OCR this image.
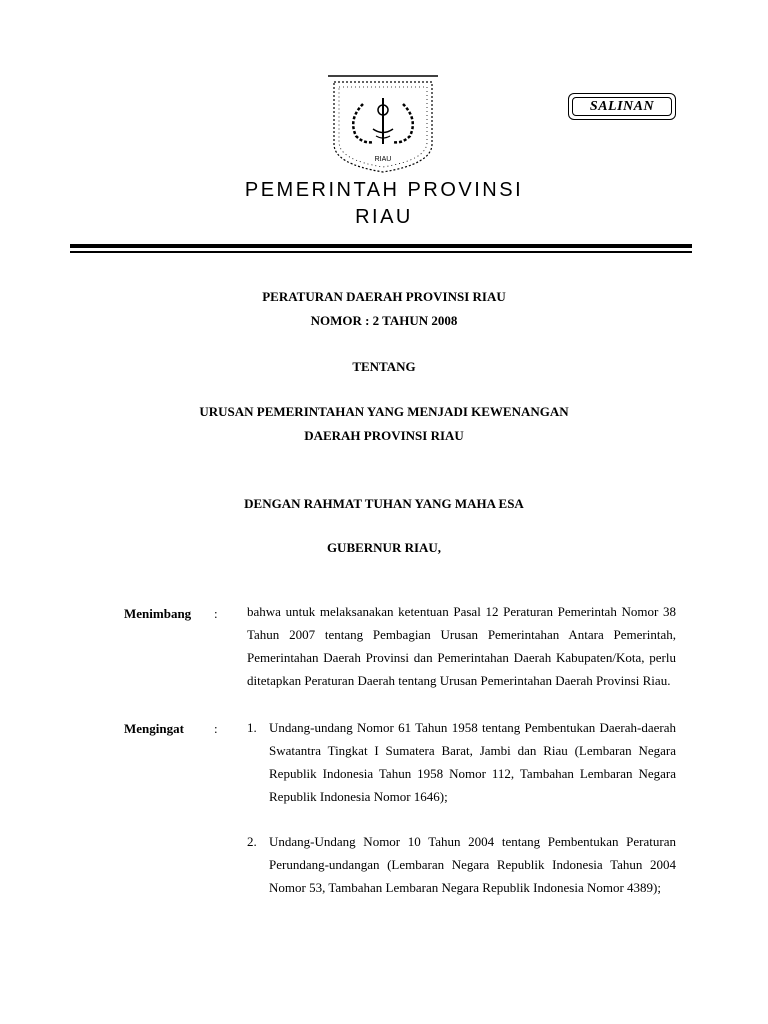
RIAU
SALINAN
PEMERINTAH PROVINSI
RIAU
PERATURAN DAERAH PROVINSI RIAU
NOMOR : 2 TAHUN 2008
TENTANG
URUSAN PEMERINTAHAN YANG MENJADI KEWENANGAN
DAERAH PROVINSI RIAU
DENGAN RAHMAT TUHAN YANG MAHA ESA
GUBERNUR RIAU,
Menimbang : bahwa untuk melaksanakan ketentuan Pasal 12 Peraturan Pemerintah Nomor 38 Tahun 2007 tentang Pembagian Urusan Pemerintahan Antara Pemerintah, Pemerintahan Daerah Provinsi dan Pemerintahan Daerah Kabupaten/Kota, perlu ditetapkan Peraturan Daerah tentang Urusan Pemerintahan Daerah Provinsi Riau.
Mengingat : 1. Undang-undang Nomor 61 Tahun 1958 tentang Pembentukan Daerah-daerah Swatantra Tingkat I Sumatera Barat, Jambi dan Riau (Lembaran Negara Republik Indonesia Tahun 1958 Nomor 112, Tambahan Lembaran Negara Republik Indonesia Nomor 1646);
2. Undang-Undang Nomor 10 Tahun 2004 tentang Pembentukan Peraturan Perundang-undangan (Lembaran Negara Republik Indonesia Tahun 2004 Nomor 53, Tambahan Lembaran Negara Republik Indonesia Nomor 4389);
